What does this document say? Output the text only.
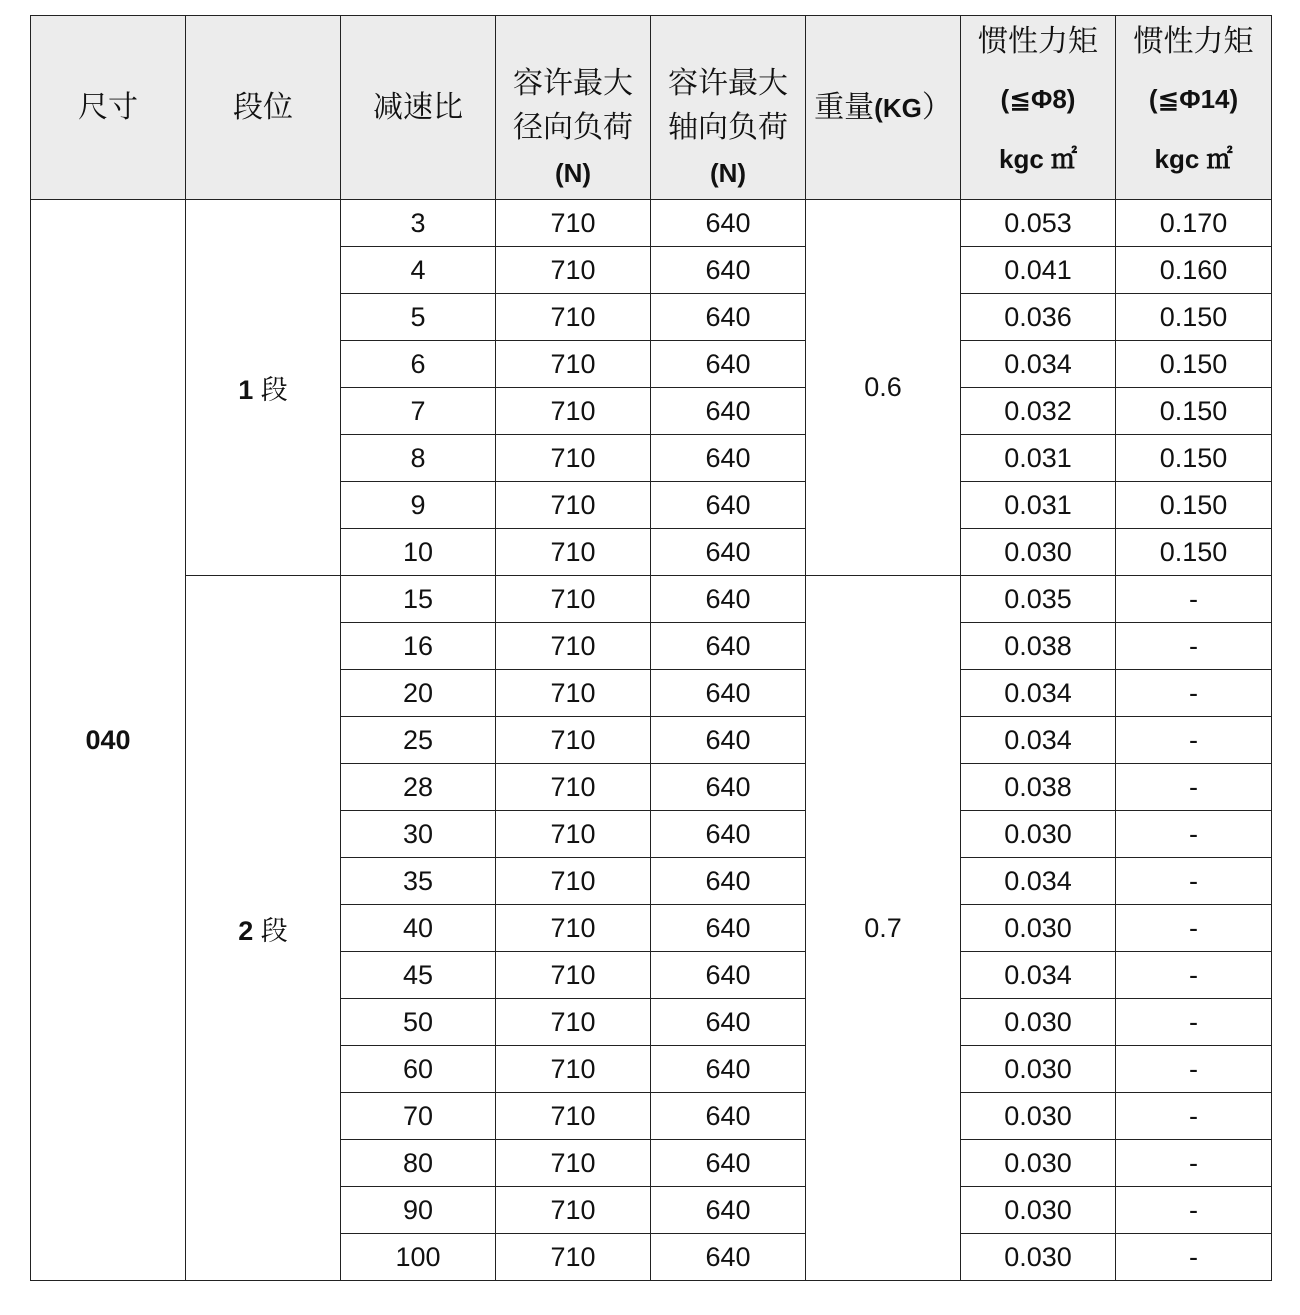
尺寸	段位	减速比	容许最大
径向负荷
(N)	容许最大
轴向负荷
(N)	重量(KG）	惯性力矩
(≦Φ8)
kgc ㎡	惯性力矩
(≦Φ14)
kgc ㎡

040	1 段	3	710	640	0.6	0.053	0.170
		4	710	640		0.041	0.160
		5	710	640		0.036	0.150
		6	710	640		0.034	0.150
		7	710	640		0.032	0.150
		8	710	640		0.031	0.150
		9	710	640		0.031	0.150
		10	710	640		0.030	0.150
	2 段	15	710	640	0.7	0.035	-
		16	710	640		0.038	-
		20	710	640		0.034	-
		25	710	640		0.034	-
		28	710	640		0.038	-
		30	710	640		0.030	-
		35	710	640		0.034	-
		40	710	640		0.030	-
		45	710	640		0.034	-
		50	710	640		0.030	-
		60	710	640		0.030	-
		70	710	640		0.030	-
		80	710	640		0.030	-
		90	710	640		0.030	-
		100	710	640		0.030	-
